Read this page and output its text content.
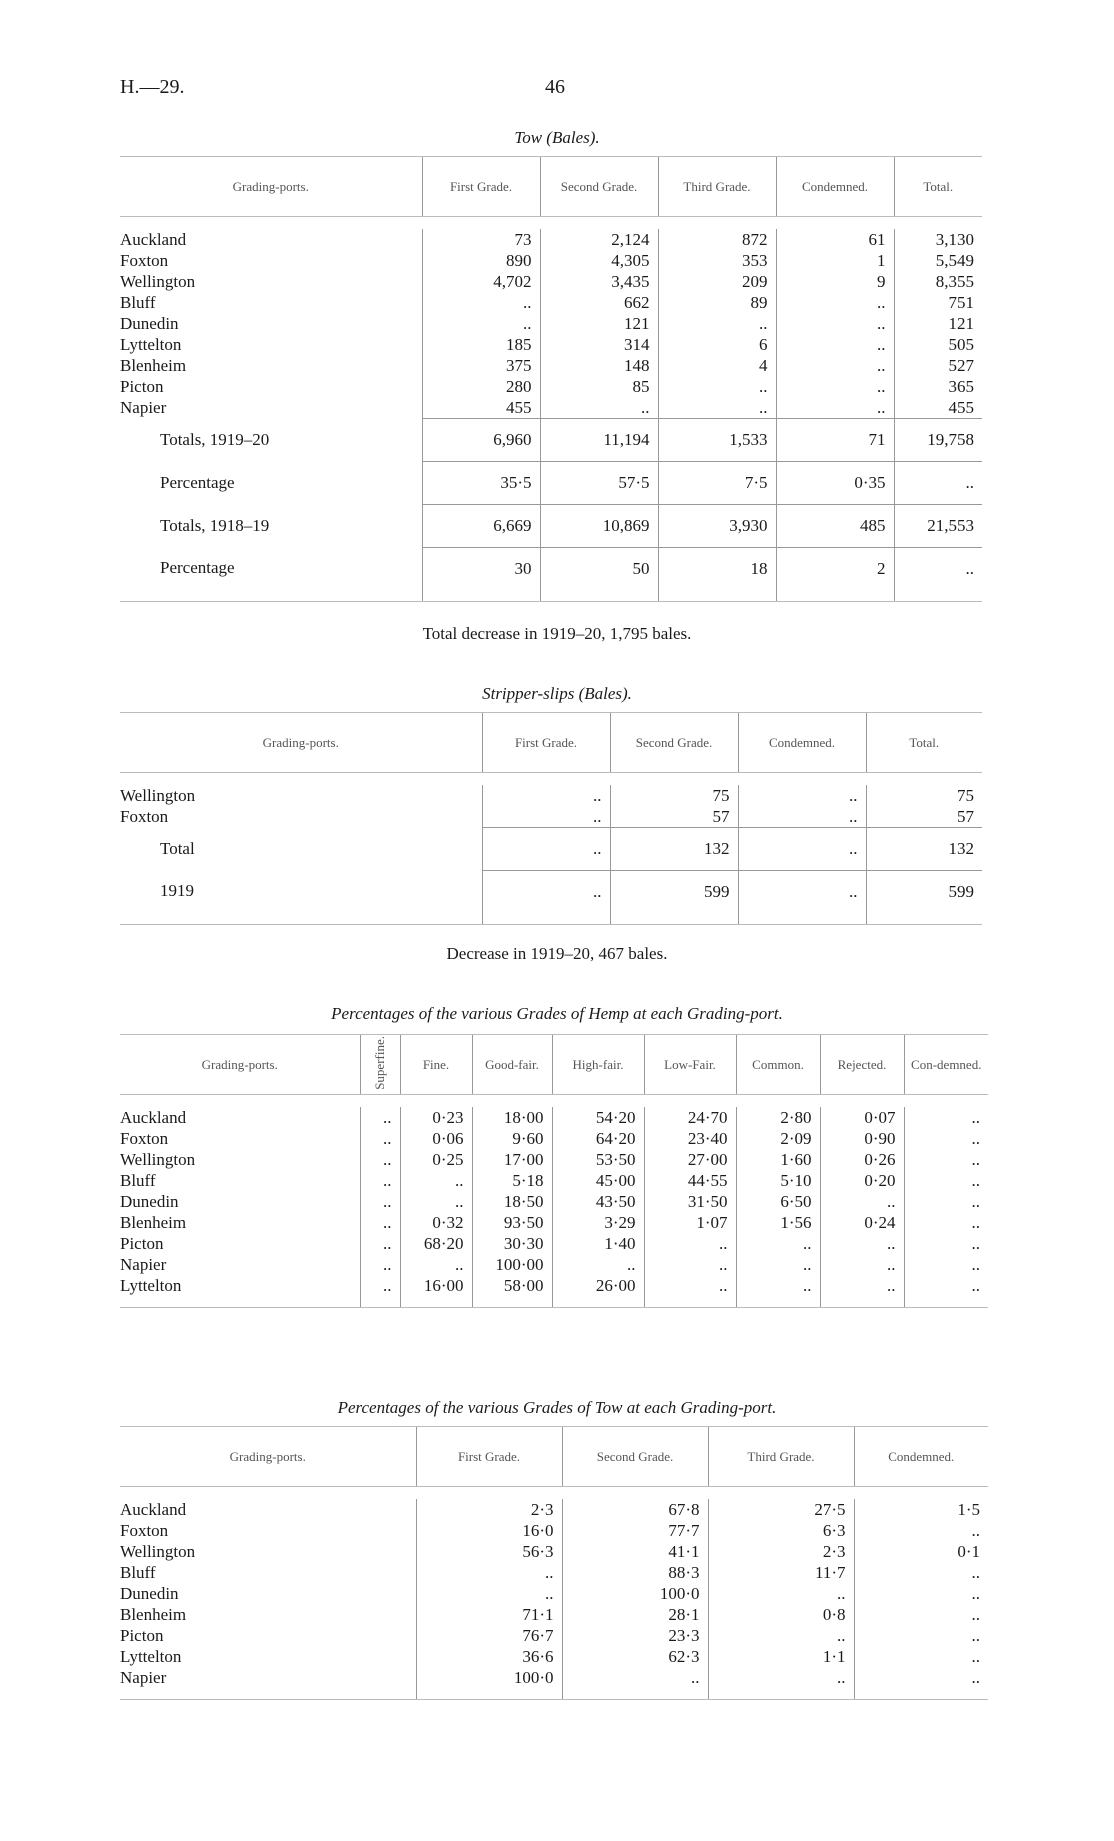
H.—29.	46
Tow (Bales).
Grading-ports.	First Grade.	Second Grade.	Third Grade.	Condemned.	Total.

Auckland	73	2,124	872	61	3,130
Foxton	890	4,305	353	1	5,549
Wellington	4,702	3,435	209	9	8,355
Bluff	..	662	89	..	751
Dunedin	..	121	..	..	121
Lyttelton	185	314	6	..	505
Blenheim	375	148	4	..	527
Picton	280	85	..	..	365
Napier	455	..	..	..	455
Totals, 1919–20	6,960	11,194	1,533	71	19,758
Percentage	35·5	57·5	7·5	0·35	..
Totals, 1918–19	6,669	10,869	3,930	485	21,553
Percentage	30	50	18	2	..

Total decrease in 1919–20, 1,795 bales.
Stripper-slips (Bales).
Grading-ports.	First Grade.	Second Grade.	Condemned.	Total.

Wellington	..	75	..	75
Foxton	..	57	..	57
Total	..	132	..	132
1919	..	599	..	599

Decrease in 1919–20, 467 bales.
Percentages of the various Grades of Hemp at each Grading-port.
Grading-ports.	Superfine.	Fine.	Good-fair.	High-fair.	Low-Fair.	Common.	Rejected.	Con-demned.

Auckland	..	0·23	18·00	54·20	24·70	2·80	0·07	..
Foxton	..	0·06	9·60	64·20	23·40	2·09	0·90	..
Wellington	..	0·25	17·00	53·50	27·00	1·60	0·26	..
Bluff	..	..	5·18	45·00	44·55	5·10	0·20	..
Dunedin	..	..	18·50	43·50	31·50	6·50	..	..
Blenheim	..	0·32	93·50	3·29	1·07	1·56	0·24	..
Picton	..	68·20	30·30	1·40	..	..	..	..
Napier	..	..	100·00	..	..	..	..	..
Lyttelton	..	16·00	58·00	26·00	..	..	..	..

Percentages of the various Grades of Tow at each Grading-port.
Grading-ports.	First Grade.	Second Grade.	Third Grade.	Condemned.

Auckland	2·3	67·8	27·5	1·5
Foxton	16·0	77·7	6·3	..
Wellington	56·3	41·1	2·3	0·1
Bluff	..	88·3	11·7	..
Dunedin	..	100·0	..	..
Blenheim	71·1	28·1	0·8	..
Picton	76·7	23·3	..	..
Lyttelton	36·6	62·3	1·1	..
Napier	100·0	..	..	..
